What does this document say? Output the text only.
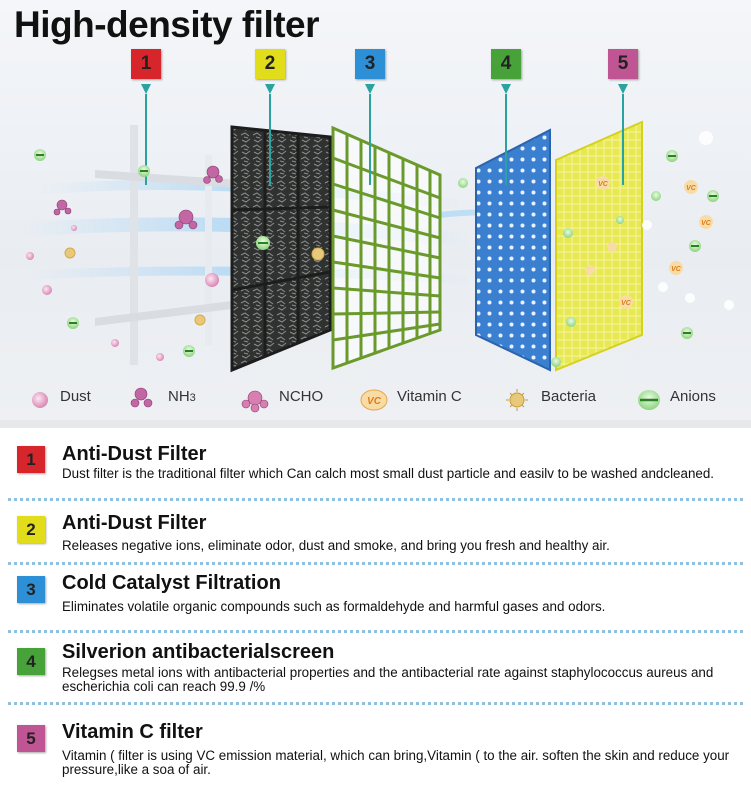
VC
VC
VC
VC
VC
VC
High-density filter
1	2	3	4	5
Dust	NH3	NCHO	Vitamin C	Bacteria	Anions
1	Anti-Dust Filter
Dust filter is the traditional filter which Can calch most small dust particle and easilv to be washed andcleaned.
2	Anti-Dust Filter
Releases negative ions, eliminate odor, dust and smoke, and bring you fresh and healthy air.
3	Cold Catalyst Filtration
Eliminates volatile organic compounds such as formaldehyde and harmful gases and odors.
4	Silverion antibacterialscreen
Relegses metal ions with antibacterial properties and the antibacterial rate against staphylococcus aureus and escherichia coli can reach 99.9 /%
5	Vitamin C filter
Vitamin ( filter is using VC emission material, which can bring,Vitamin ( to the air. soften the skin and reduce your pressure,like a soa of air.
